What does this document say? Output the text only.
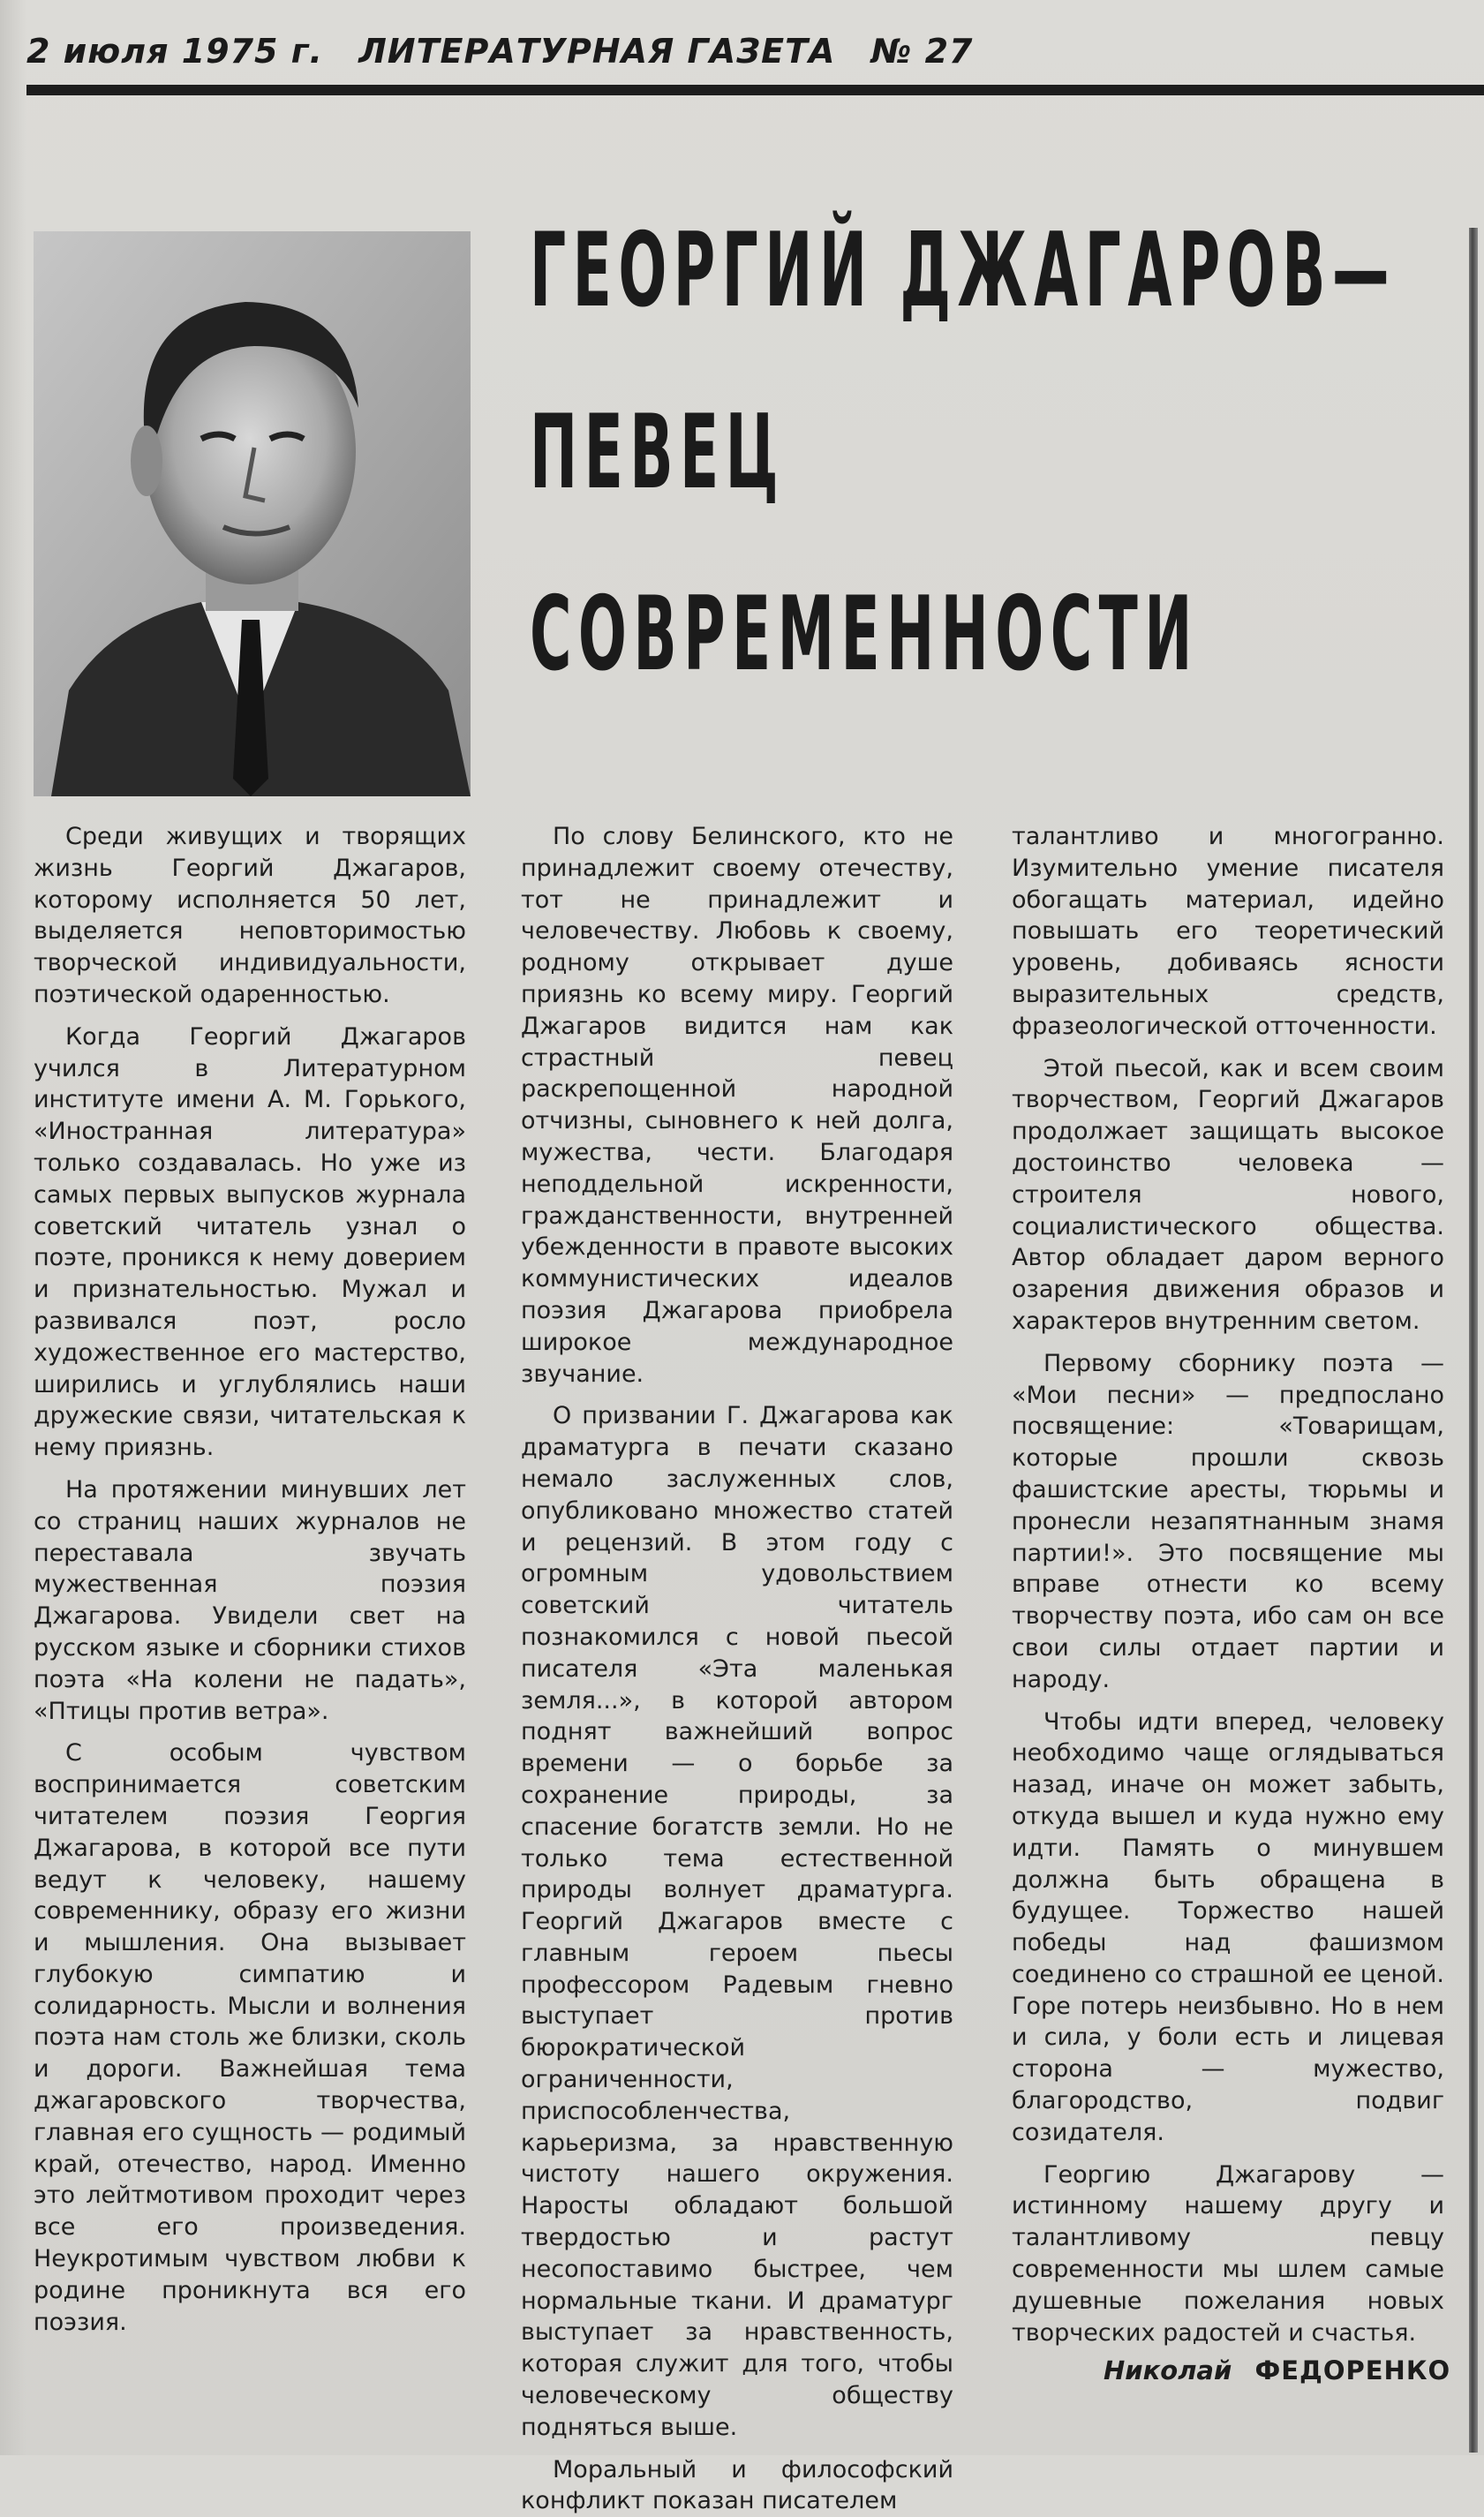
2 июля 1975 г. ЛИТЕРАТУРНАЯ ГАЗЕТА № 27
ГЕОРГИЙ ДЖАГАРОВ—
ПЕВЕЦ
СОВРЕМЕННОСТИ

Среди живущих и творящих жизнь Георгий Джагаров, которому исполняется 50 лет, выделяется неповторимостью творческой индивидуальности, поэтической одаренностью.

Когда Георгий Джагаров учился в Литературном институте имени А. М. Горького, «Иностранная литература» только создавалась. Но уже из самых первых выпусков журнала советский читатель узнал о поэте, проникся к нему доверием и признательностью. Мужал и развивался поэт, росло художественное его мастерство, ширились и углублялись наши дружеские связи, читательская к нему приязнь.

На протяжении минувших лет со страниц наших журналов не переставала звучать мужественная поэзия Джагарова. Увидели свет на русском языке и сборники стихов поэта «На колени не падать», «Птицы против ветра».

С особым чувством воспринимается советским читателем поэзия Георгия Джагарова, в которой все пути ведут к человеку, нашему современнику, образу его жизни и мышления. Она вызывает глубокую симпатию и солидарность. Мысли и волнения поэта нам столь же близки, сколь и дороги. Важнейшая тема джагаровского творчества, главная его сущность — родимый край, отечество, народ. Именно это лейтмотивом проходит через все его произведения. Неукротимым чувством любви к родине проникнута вся его поэзия.

По слову Белинского, кто не принадлежит своему отечеству, тот не принадлежит и человечеству. Любовь к своему, родному открывает душе приязнь ко всему миру. Георгий Джагаров видится нам как страстный певец раскрепощенной народной отчизны, сыновнего к ней долга, мужества, чести. Благодаря неподдельной искренности, гражданственности, внутренней убежденности в правоте высоких коммунистических идеалов поэзия Джагарова приобрела широкое международное звучание.

О призвании Г. Джагарова как драматурга в печати сказано немало заслуженных слов, опубликовано множество статей и рецензий. В этом году с огромным удовольствием советский читатель познакомился с новой пьесой писателя «Эта маленькая земля...», в которой автором поднят важнейший вопрос времени — о борьбе за сохранение природы, за спасение богатств земли. Но не только тема естественной природы волнует драматурга. Георгий Джагаров вместе с главным героем пьесы профессором Радевым гневно выступает против бюрократической ограниченности, приспособленчества, карьеризма, за нравственную чистоту нашего окружения. Наросты обладают большой твердостью и растут несопоставимо быстрее, чем нормальные ткани. И драматург выступает за нравственность, которая служит для того, чтобы человеческому обществу подняться выше.

Моральный и философский конфликт показан писателем

талантливо и многогранно. Изумительно умение писателя обогащать материал, идейно повышать его теоретический уровень, добиваясь ясности выразительных средств, фразеологической отточенности.

Этой пьесой, как и всем своим творчеством, Георгий Джагаров продолжает защищать высокое достоинство человека — строителя нового, социалистического общества. Автор обладает даром верного озарения движения образов и характеров внутренним светом.

Первому сборнику поэта — «Мои песни» — предпослано посвящение: «Товарищам, которые прошли сквозь фашистские аресты, тюрьмы и пронесли незапятнанным знамя партии!». Это посвящение мы вправе отнести ко всему творчеству поэта, ибо сам он все свои силы отдает партии и народу.

Чтобы идти вперед, человеку необходимо чаще оглядываться назад, иначе он может забыть, откуда вышел и куда нужно ему идти. Память о минувшем должна быть обращена в будущее. Торжество нашей победы над фашизмом соединено со страшной ее ценой. Горе потерь неизбывно. Но в нем и сила, у боли есть и лицевая сторона — мужество, благородство, подвиг созидателя.

Георгию Джагарову — истинному нашему другу и талантливому певцу современности мы шлем самые душевные пожелания новых творческих радостей и счастья.

Николай ФЕДОРЕНКО
